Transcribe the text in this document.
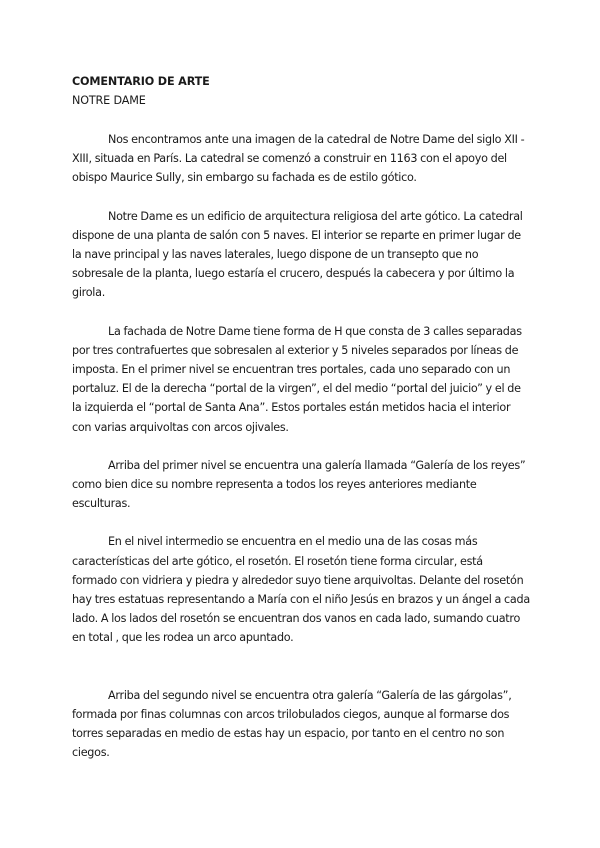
COMENTARIO DE ARTE

NOTRE DAME

Nos encontramos ante una imagen de la catedral de Notre Dame del siglo XII - XIII, situada en París. La catedral se comenzó a construir en 1163 con el apoyo del obispo Maurice Sully, sin embargo su fachada es de estilo gótico.

Notre Dame es un edificio de arquitectura religiosa del arte gótico. La catedral dispone de una planta de salón con 5 naves. El interior se reparte en primer lugar de la nave principal y las naves laterales, luego dispone de un transepto que no sobresale de la planta, luego estaría el crucero, después la cabecera y por último la girola.

La fachada de Notre Dame tiene forma de H que consta de 3 calles separadas por tres contrafuertes que sobresalen al exterior y 5 niveles separados por líneas de imposta. En el primer nivel se encuentran tres portales, cada uno separado con un portaluz. El de la derecha “portal de la virgen”, el del medio “portal del juicio” y el de la izquierda el “portal de Santa Ana”. Estos portales están metidos hacia el interior con varias arquivoltas con arcos ojivales.

Arriba del primer nivel se encuentra una galería llamada “Galería de los reyes” como bien dice su nombre representa a todos los reyes anteriores mediante esculturas.

En el nivel intermedio se encuentra en el medio una de las cosas más características del arte gótico, el rosetón. El rosetón tiene forma circular, está formado con vidriera y piedra y alrededor suyo tiene arquivoltas. Delante del rosetón hay tres estatuas representando a María con el niño Jesús en brazos y un ángel a cada lado. A los lados del rosetón se encuentran dos vanos en cada lado, sumando cuatro en total , que les rodea un arco apuntado.

Arriba del segundo nivel se encuentra otra galería “Galería de las gárgolas”, formada por finas columnas con arcos trilobulados ciegos, aunque al formarse dos torres separadas en medio de estas hay un espacio, por tanto en el centro no son ciegos.
